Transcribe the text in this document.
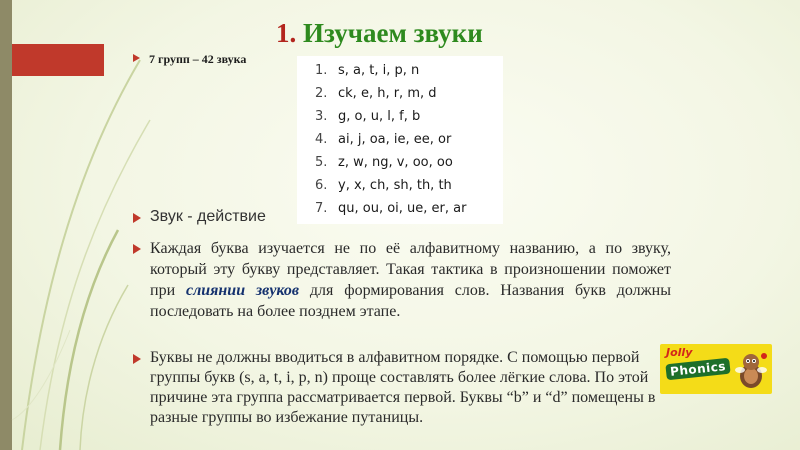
1. Изучаем звуки
7 групп – 42 звука
1. s, a, t, i, p, n
2. ck, e, h, r, m, d
3. g, o, u, l, f, b
4. ai, j, oa, ie, ee, or
5. z, w, ng, v, oo, oo
6. y, x, ch, sh, th, th
7. qu, ou, oi, ue, er, ar
Звук - действие
Каждая буква изучается не по её алфавитному названию, а по звуку, который эту букву представляет. Такая тактика в произношении поможет при слиянии звуков для формирования слов. Названия букв должны последовать на более позднем этапе.
Буквы не должны вводиться в алфавитном порядке. С помощью первой группы букв (s, a, t, i, p, n) проще составлять более лёгкие слова. По этой причине эта группа рассматривается первой. Буквы “b” и “d” помещены в разные группы во избежание путаницы.
Jolly
Phonics
